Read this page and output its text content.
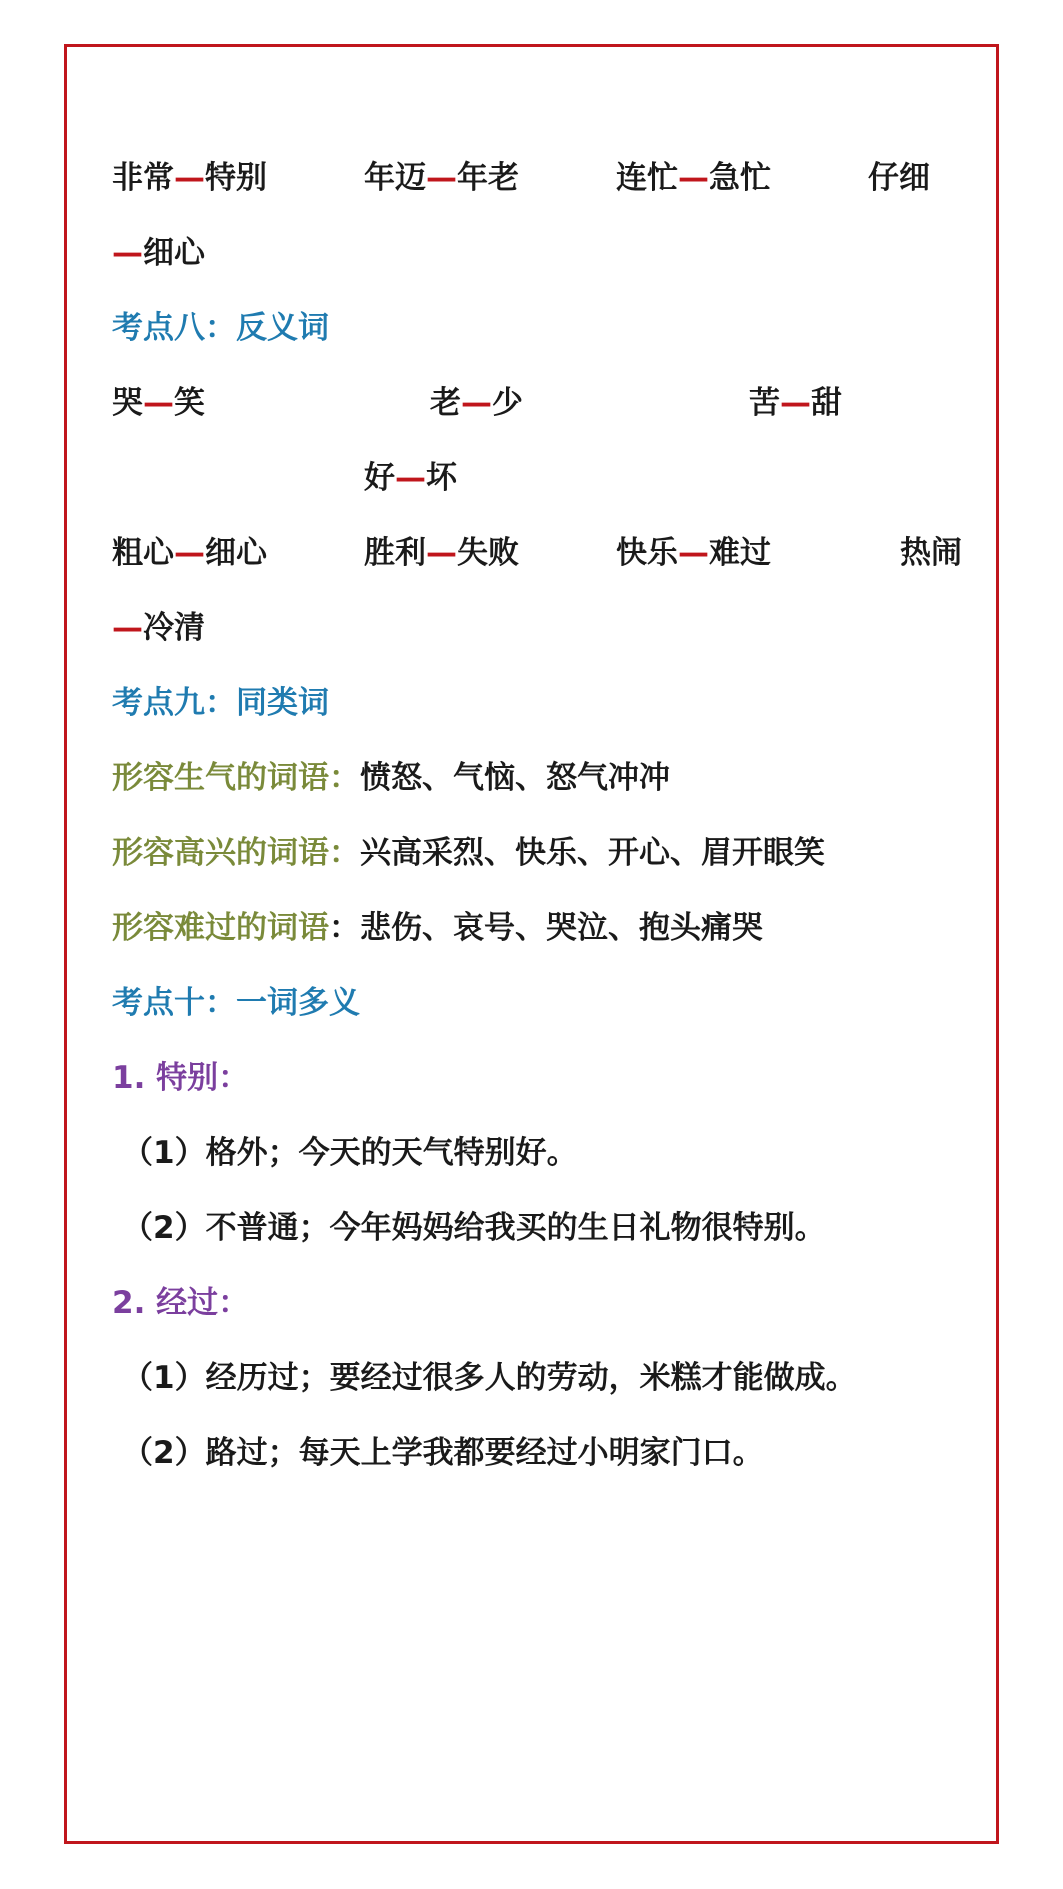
非常—特别	年迈—年老	连忙—急忙	仔细
—细心
考点八：反义词
哭—笑	老—少	苦—甜
好—坏
粗心—细心	胜利—失败	快乐—难过	热闹
—冷清
考点九：同类词
形容生气的词语：愤怒、气恼、怒气冲冲
形容高兴的词语：兴高采烈、快乐、开心、眉开眼笑
形容难过的词语：悲伤、哀号、哭泣、抱头痛哭
考点十：一词多义
1. 特别：
（1）格外；今天的天气特别好。
（2）不普通；今年妈妈给我买的生日礼物很特别。
2. 经过：
（1）经历过；要经过很多人的劳动，米糕才能做成。
（2）路过；每天上学我都要经过小明家门口。
